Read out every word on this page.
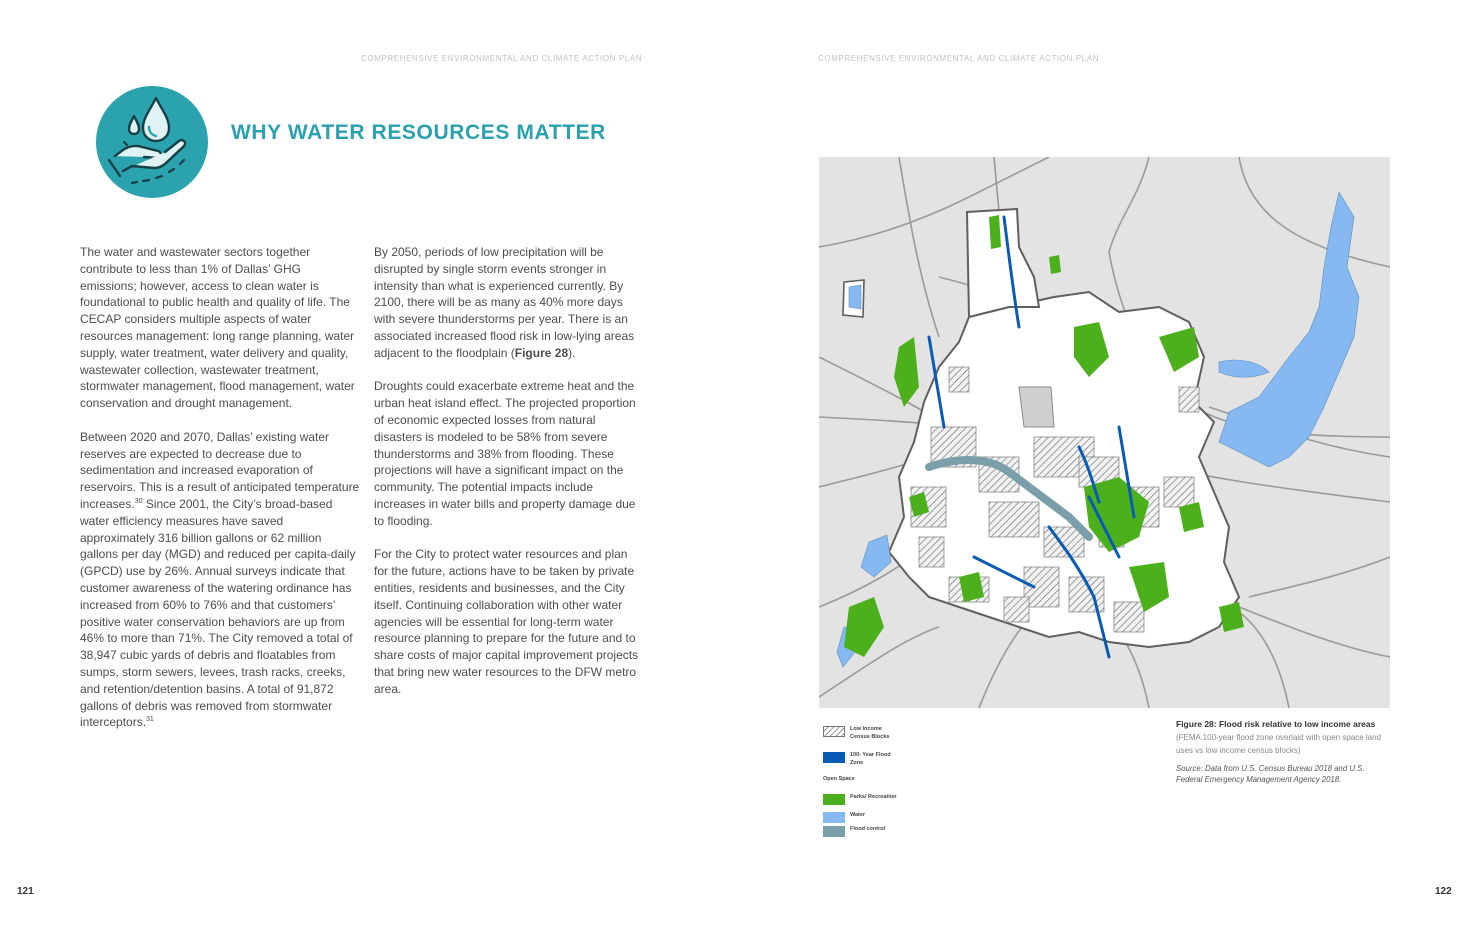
COMPREHENSIVE ENVIRONMENTAL AND CLIMATE ACTION PLAN	COMPREHENSIVE ENVIRONMENTAL AND CLIMATE ACTION PLAN
WHY WATER RESOURCES MATTER

The water and wastewater sectors together contribute to less than 1% of Dallas’ GHG emissions; however, access to clean water is foundational to public health and quality of life. The CECAP considers multiple aspects of water resources management: long range planning, water supply, water treatment, water delivery and quality, wastewater collection, wastewater treatment, stormwater management, flood management, water conservation and drought management.

Between 2020 and 2070, Dallas’ existing water reserves are expected to decrease due to sedimentation and increased evaporation of reservoirs. This is a result of anticipated temperature increases.$^{30}$ Since 2001, the City’s broad-based water efficiency measures have saved approximately 316 billion gallons or 62 million gallons per day (MGD) and reduced per capita-daily (GPCD) use by 26%. Annual surveys indicate that customer awareness of the watering ordinance has increased from 60% to 76% and that customers’ positive water conservation behaviors are up from 46% to more than 71%. The City removed a total of 38,947 cubic yards of debris and floatables from sumps, storm sewers, levees, trash racks, creeks, and retention/detention basins. A total of 91,872 gallons of debris was removed from stormwater interceptors.$^{31}$

By 2050, periods of low precipitation will be disrupted by single storm events stronger in intensity than what is experienced currently. By 2100, there will be as many as 40% more days with severe thunderstorms per year. There is an associated increased flood risk in low-lying areas adjacent to the floodplain (Figure 28).

Droughts could exacerbate extreme heat and the urban heat island effect. The projected proportion of economic expected losses from natural disasters is modeled to be 58% from severe thunderstorms and 38% from flooding. These projections will have a significant impact on the community. The potential impacts include increases in water bills and property damage due to flooding.

For the City to protect water resources and plan for the future, actions have to be taken by private entities, residents and businesses, and the City itself. Continuing collaboration with other water agencies will be essential for long-term water resource planning to prepare for the future and to share costs of major capital improvement projects that bring new water resources to the DFW metro area.

Low Income Census Blocks
100- Year Flood Zone
Open Space
Parks/ Recreation
Water
Flood control
Figure 28: Flood risk relative to low income areas
(FEMA 100-year flood zone overlaid with open space land uses vs low income census blocks)
Source: Data from U.S. Census Bureau 2018 and U.S. Federal Emergency Management Agency 2018.
121	122
